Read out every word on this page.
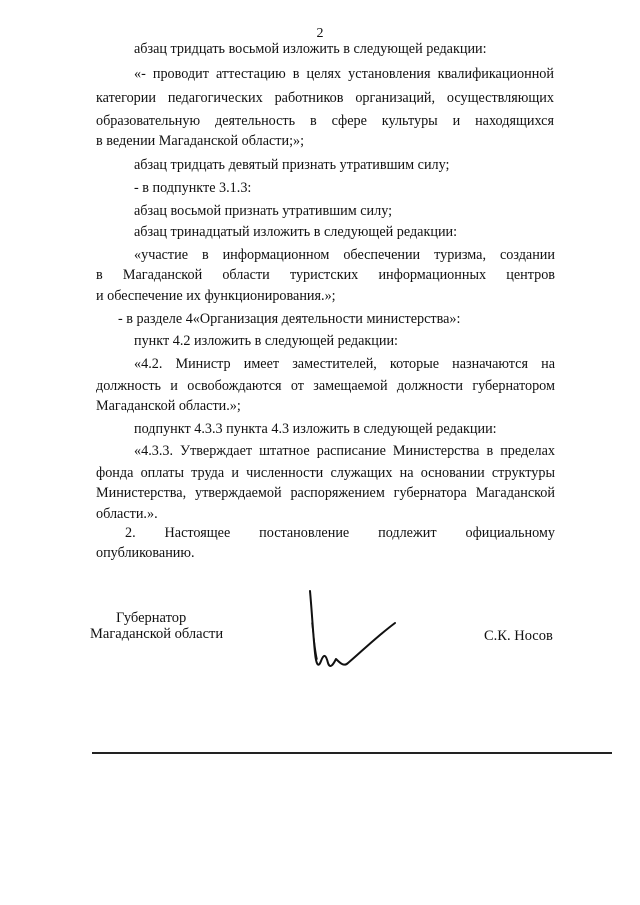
2
абзац тридцать восьмой изложить в следующей редакции:
«- проводит аттестацию в целях установления квалификационной
категории педагогических работников организаций, осуществляющих
образовательную деятельность в сфере культуры и находящихся
в ведении Магаданской области;»;
абзац тридцать девятый признать утратившим силу;
- в подпункте 3.1.3:
абзац восьмой признать утратившим силу;
абзац тринадцатый изложить в следующей редакции:
«участие в информационном обеспечении туризма, создании
в Магаданской области туристских информационных центров
и обеспечение их функционирования.»;
- в разделе 4«Организация деятельности министерства»:
пункт 4.2 изложить в следующей редакции:
«4.2. Министр имеет заместителей, которые назначаются на
должность и освобождаются от замещаемой должности губернатором
Магаданской области.»;
подпункт 4.3.3 пункта 4.3 изложить в следующей редакции:
«4.3.3. Утверждает штатное расписание Министерства в пределах
фонда оплаты труда и численности служащих на основании структуры
Министерства, утверждаемой распоряжением губернатора Магаданской
области.».
2. Настоящее постановление подлежит официальному
опубликованию.
Губернатор
Магаданской области	С.К. Носов
